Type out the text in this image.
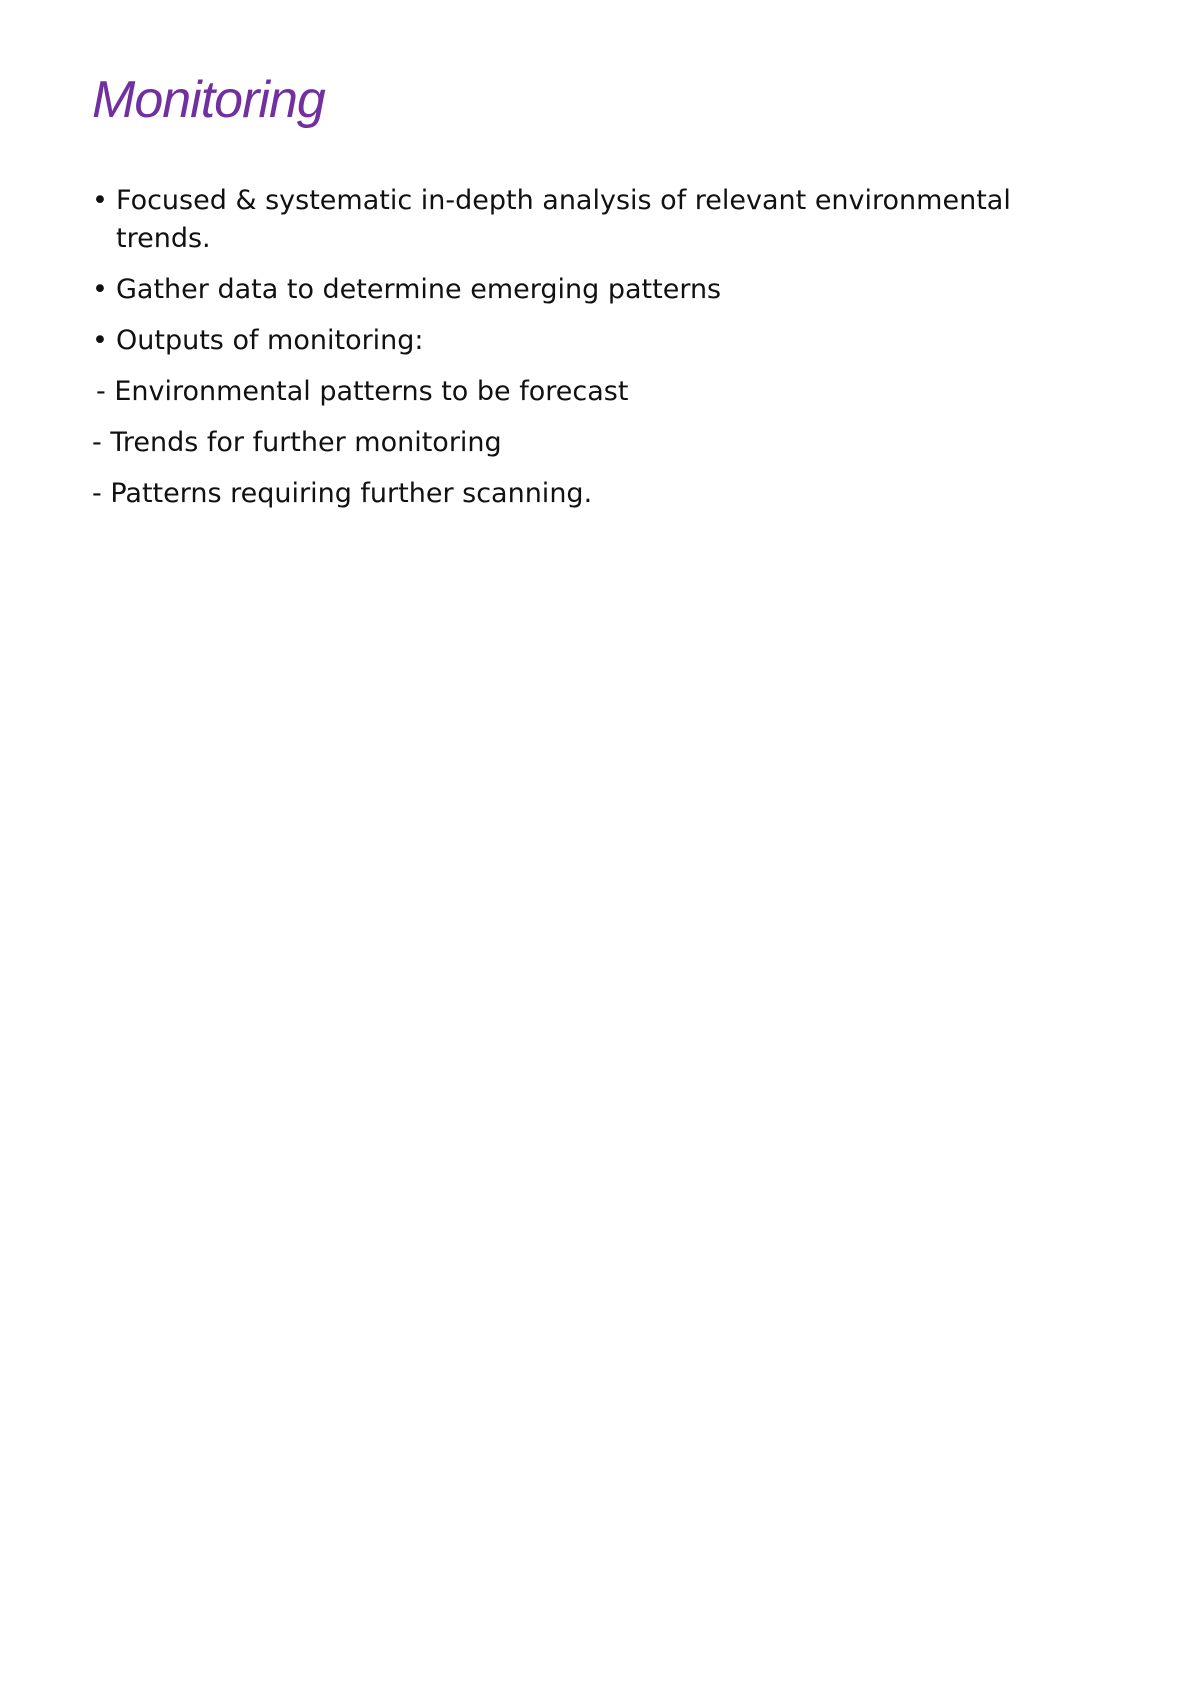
Monitoring
• Focused & systematic in-depth analysis of relevant environmental trends.
• Gather data to determine emerging patterns
• Outputs of monitoring:
- Environmental patterns to be forecast
- Trends for further monitoring
- Patterns requiring further scanning.
